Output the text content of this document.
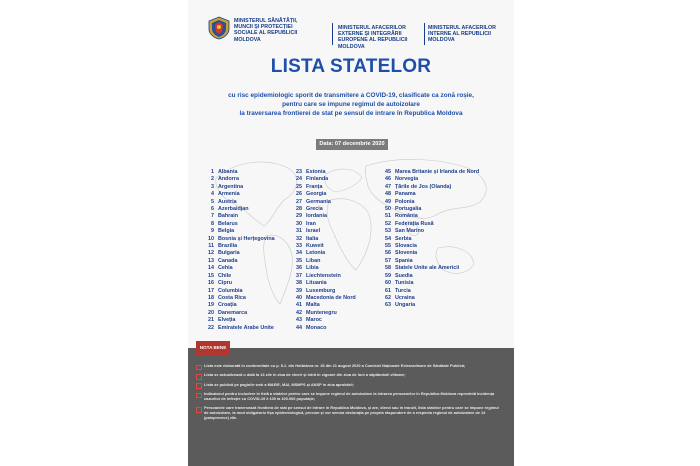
MINISTERUL SĂNĂTĂȚII, MUNCII ȘI PROTECȚIEI SOCIALE AL REPUBLICII MOLDOVA
MINISTERUL AFACERILOR EXTERNE ȘI INTEGRĂRII EUROPENE AL REPUBLICII MOLDOVA
MINISTERUL AFACERILOR INTERNE AL REPUBLICII MOLDOVA
LISTA STATELOR
cu risc epidemiologic sporit de transmitere a COVID-19, clasificate ca zonă roșie,
pentru care se impune regimul de autoizolare
la traversarea frontierei de stat pe sensul de intrare în Republica Moldova
Data: 07 decembrie 2020
1 Albania
2 Andorra
3 Argentina
4 Armenia
5 Austria
6 Azerbaidjan
7 Bahrain
8 Belarus
9 Belgia
10 Bosnia și Herțegovina
11 Brazilia
12 Bulgaria
13 Canada
14 Cehia
15 Chile
16 Cipru
17 Columbia
18 Costa Rica
19 Croația
20 Danemarca
21 Elveția
22 Emiratele Arabe Unite
23 Estonia
24 Finlanda
25 Franța
26 Georgia
27 Germania
28 Grecia
29 Iordania
30 Iran
31 Israel
32 Italia
33 Kuweit
34 Letonia
35 Liban
36 Libia
37 Liechtenstein
38 Lituania
39 Luxemburg
40 Macedonia de Nord
41 Malta
42 Muntenegru
43 Maroc
44 Monaco
45 Marea Britanie și Irlanda de Nord
46 Norvegia
47 Țările de Jos (Olanda)
48 Panama
49 Polonia
50 Portugalia
51 România
52 Federația Rusă
53 San Marino
54 Serbia
55 Slovacia
56 Slovenia
57 Spania
58 Statele Unite ale Americii
59 Suedia
60 Tunisia
61 Turcia
62 Ucraina
63 Ungaria
NOTA BENE
Lista este elaborată în conformitate cu p. 5.1. din Hotărârea nr. 26 din 21 august 2020 a Comisiei Naționale Extraordinare de Sănătate Publică;
Lista se actualizează o dată la 14 zile în ziua de vineri și intră în vigoare din ziua de luni a săptămânii viitoare;
Lista se publică pe paginile web a MAEIE, MAI, MSMPS și ANSP în ziua aprobării;
Indicatorul pentru includere în listă a statelor pentru care se impune regimul de autoizolare la intrarea persoanelor în Republica Moldova reprezintă incidența cazurilor de infecție cu COVID-19 ≥ 100 la 100.000 populație;
Persoanele care traversează frontiera de stat pe sensul de intrare în Republica Moldova, și are, direct sau în tranzit, lista statelor pentru care se impune regimul de autoizolare, la mod obligatoriu fișa epidemiologică, precum și vor semna declarația pe propria răspundere de a respecta regimul de autoizolare de 14 (paisprezece) zile.
